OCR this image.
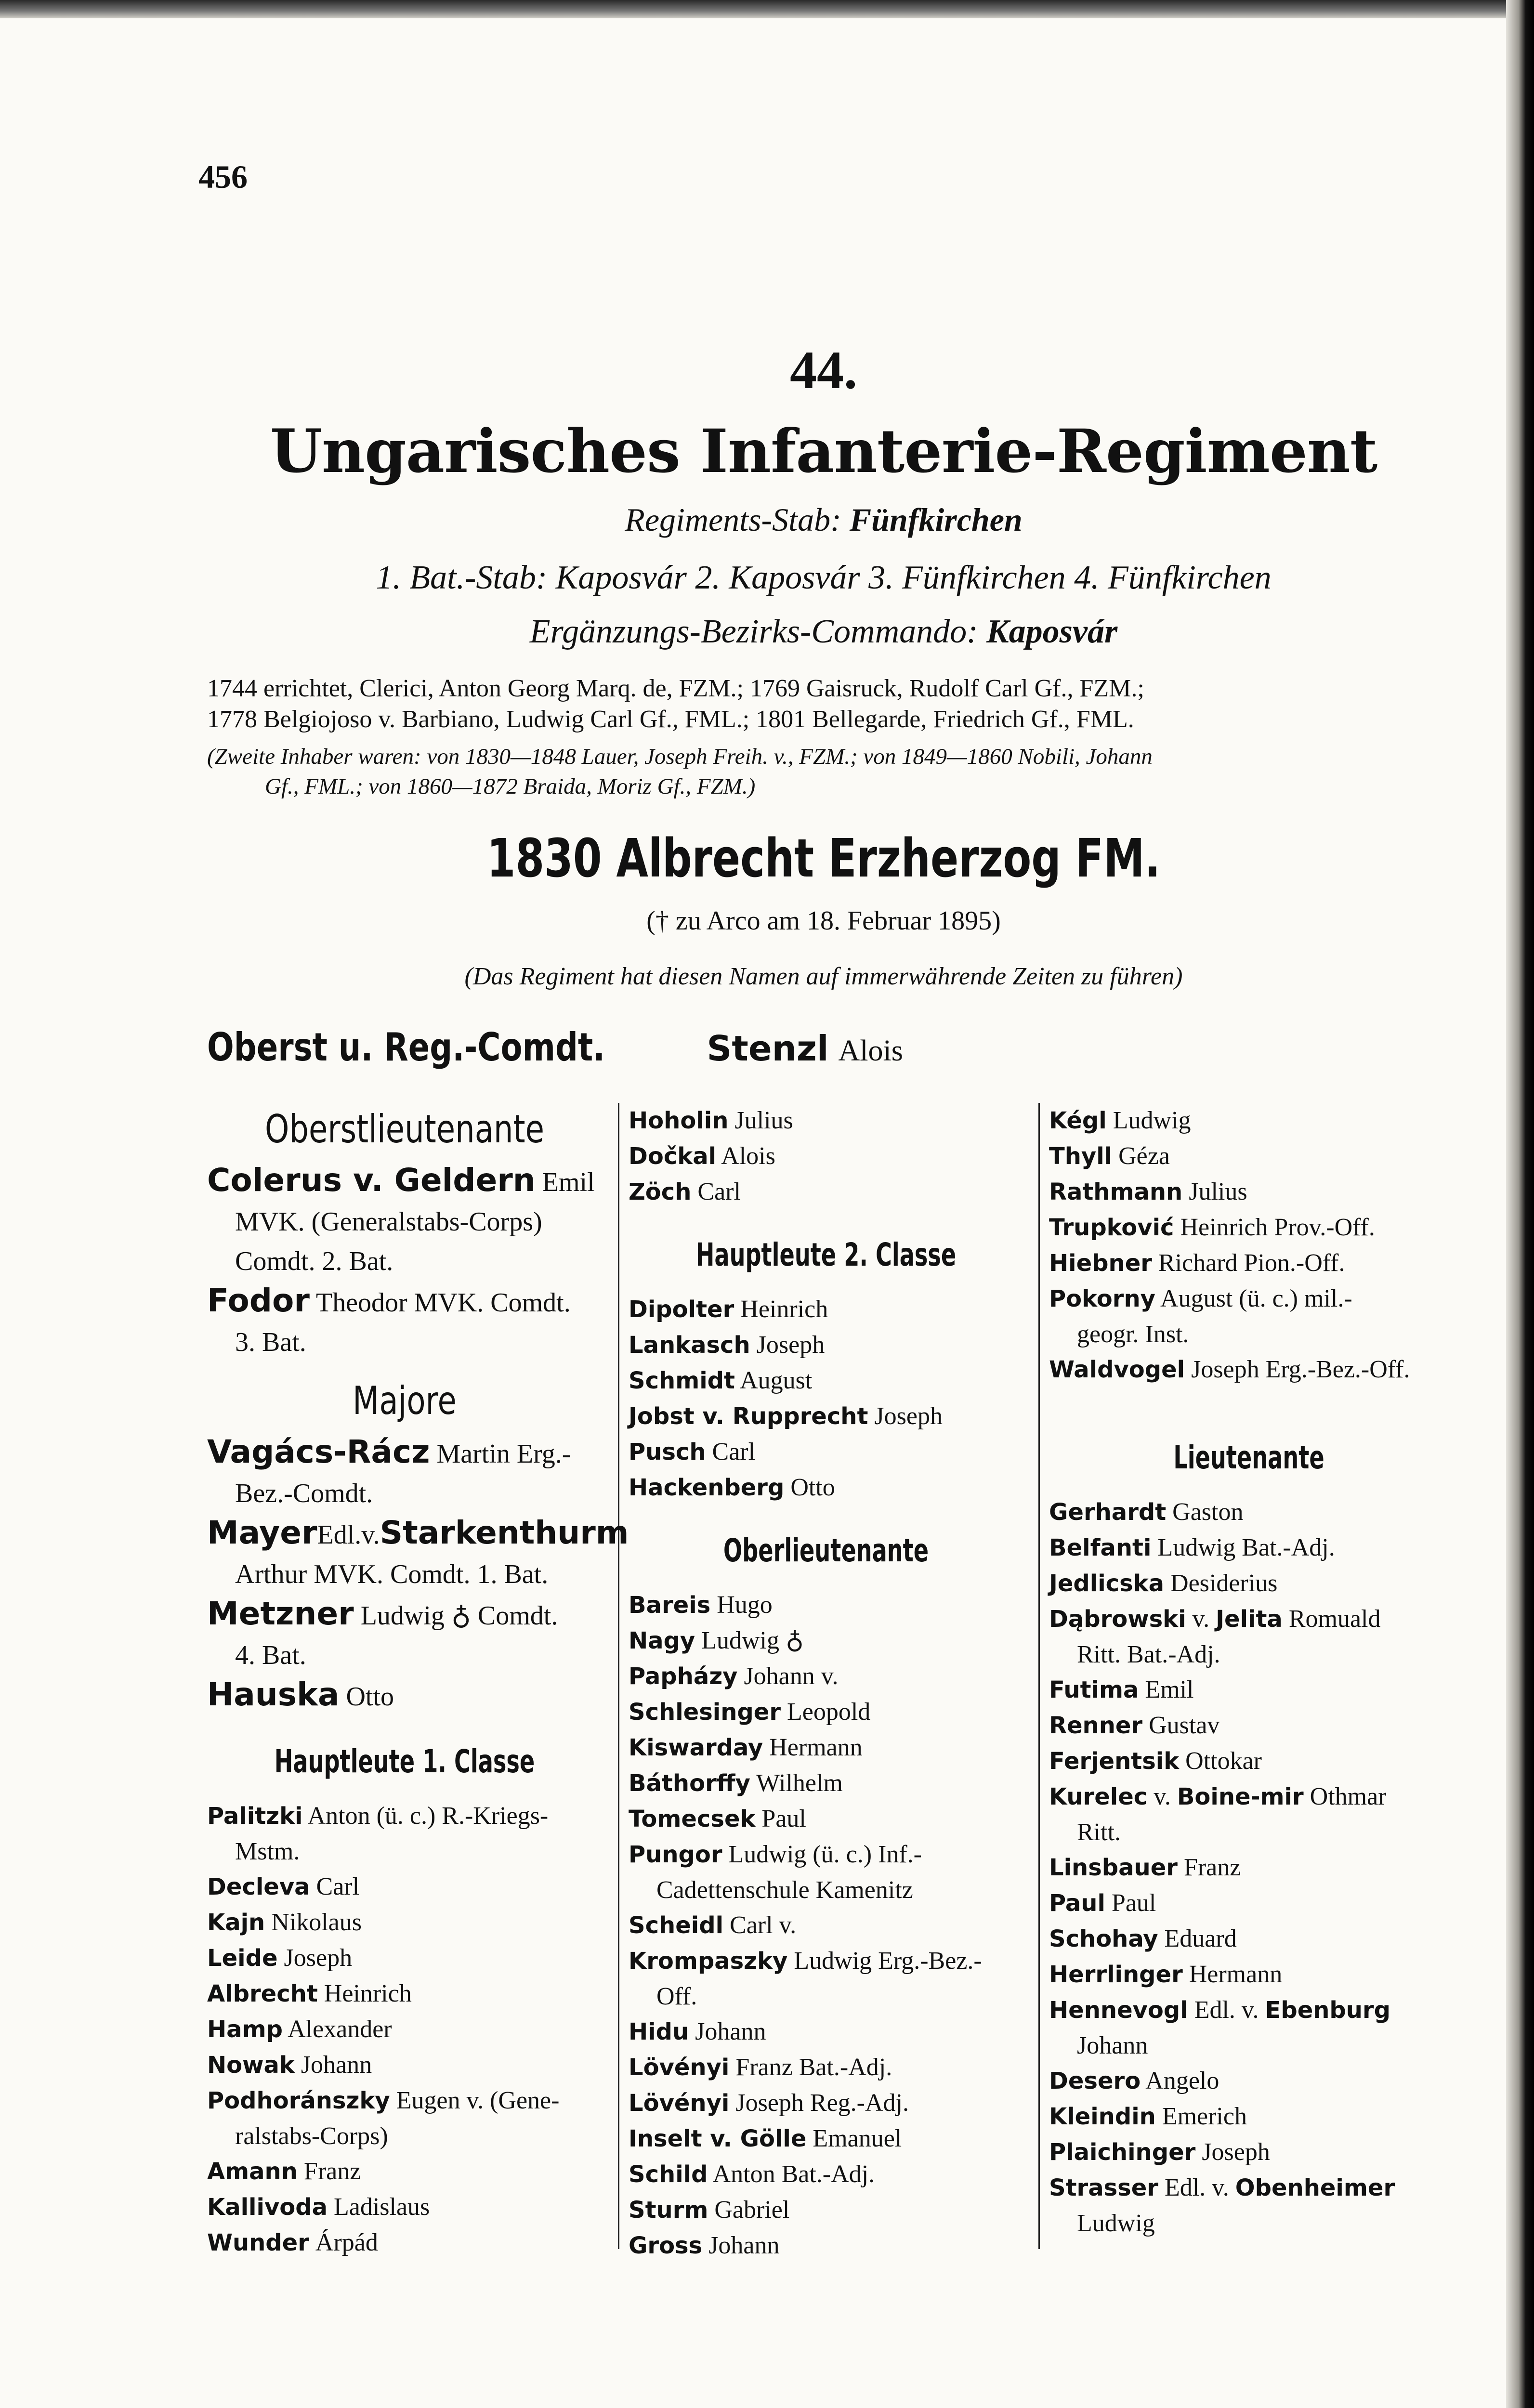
456
44.
Ungarisches Infanterie-Regiment
Regiments-Stab: Fünfkirchen
1. Bat.-Stab: Kaposvár 2. Kaposvár 3. Fünfkirchen 4. Fünfkirchen
Ergänzungs-Bezirks-Commando: Kaposvár
1744 errichtet, Clerici, Anton Georg Marq. de, FZM.; 1769 Gaisruck, Rudolf Carl Gf., FZM.;
1778 Belgiojoso v. Barbiano, Ludwig Carl Gf., FML.; 1801 Bellegarde, Friedrich Gf., FML.
(Zweite Inhaber waren: von 1830—1848 Lauer, Joseph Freih. v., FZM.; von 1849—1860 Nobili, Johann
Gf., FML.; von 1860—1872 Braida, Moriz Gf., FZM.)
1830 Albrecht Erzherzog FM.
(† zu Arco am 18. Februar 1895)
(Das Regiment hat diesen Namen auf immerwährende Zeiten zu führen)
Oberst u. Reg.-Comdt.	Stenzl Alois
Oberstlieutenante
Colerus v. Geldern Emil
MVK. (Generalstabs-Corps) Comdt. 2. Bat.
Fodor Theodor MVK. Comdt.
3. Bat.
Majore
Vagács-Rácz Martin Erg.-
Bez.-Comdt.
MayerEdl.v.Starkenthurm
Arthur MVK. Comdt. 1. Bat.
Metzner Ludwig ♁ Comdt.
4. Bat.
Hauska Otto
Hauptleute 1. Classe
Palitzki Anton (ü. c.) R.-Kriegs-
Mstm.
Decleva Carl
Kajn Nikolaus
Leide Joseph
Albrecht Heinrich
Hamp Alexander
Nowak Johann
Podhoránszky Eugen v. (Gene-
ralstabs-Corps)
Amann Franz
Kallivoda Ladislaus
Wunder Árpád
Hoholin Julius
Dočkal Alois
Zöch Carl
Hauptleute 2. Classe
Dipolter Heinrich
Lankasch Joseph
Schmidt August
Jobst v. Rupprecht Joseph
Pusch Carl
Hackenberg Otto
Oberlieutenante
Bareis Hugo
Nagy Ludwig ♁
Papházy Johann v.
Schlesinger Leopold
Kiswarday Hermann
Báthorffy Wilhelm
Tomecsek Paul
Pungor Ludwig (ü. c.) Inf.-
Cadettenschule Kamenitz
Scheidl Carl v.
Krompaszky Ludwig Erg.-Bez.-
Off.
Hidu Johann
Lövényi Franz Bat.-Adj.
Lövényi Joseph Reg.-Adj.
Inselt v. Gölle Emanuel
Schild Anton Bat.-Adj.
Sturm Gabriel
Gross Johann
Kégl Ludwig
Thyll Géza
Rathmann Julius
Trupković Heinrich Prov.-Off.
Hiebner Richard Pion.-Off.
Pokorny August (ü. c.) mil.-
geogr. Inst.
Waldvogel Joseph Erg.-Bez.-Off.
Lieutenante
Gerhardt Gaston
Belfanti Ludwig Bat.-Adj.
Jedlicska Desiderius
Dąbrowski v. Jelita Romuald
Ritt. Bat.-Adj.
Futima Emil
Renner Gustav
Ferjentsik Ottokar
Kurelec v. Boine-mir Othmar
Ritt.
Linsbauer Franz
Paul Paul
Schohay Eduard
Herrlinger Hermann
Hennevogl Edl. v. Ebenburg
Johann
Desero Angelo
Kleindin Emerich
Plaichinger Joseph
Strasser Edl. v. Obenheimer
Ludwig
